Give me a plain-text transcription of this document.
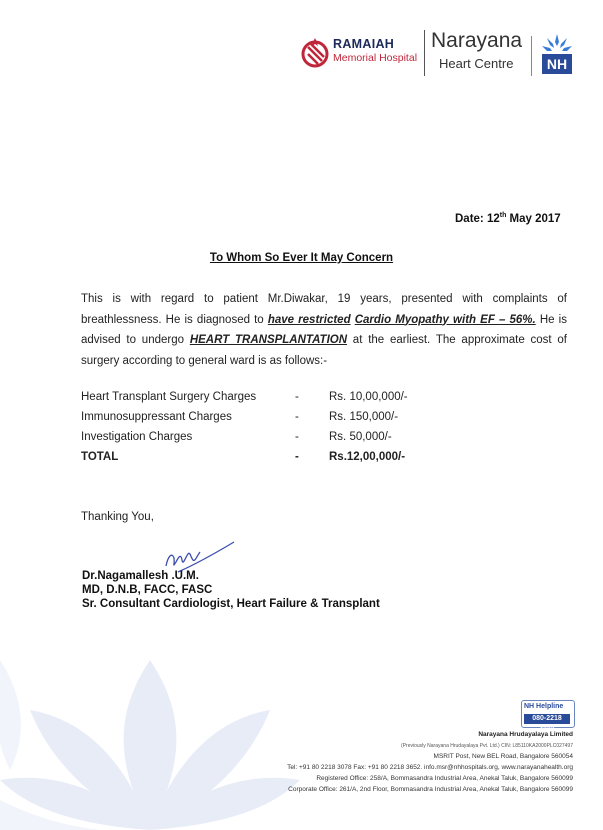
RAMAIAH
Memorial Hospital
Narayana
Heart Centre NH
Date: 12th May 2017
To Whom So Ever It May Concern
This is with regard to patient Mr.Diwakar, 19 years, presented with complaints of breathlessness. He is diagnosed to have restricted Cardio Myopathy with EF – 56%. He is advised to undergo HEART TRANSPLANTATION at the earliest. The approximate cost of surgery according to general ward is as follows:-
Heart Transplant Surgery Charges	-	Rs. 10,00,000/-
Immunosuppressant Charges	-	Rs. 150,000/-
Investigation Charges	-	Rs. 50,000/-
TOTAL	-	Rs.12,00,000/-
Thanking You,
Dr.Nagamallesh .U.M.
MD, D.N.B, FACC, FASC
Sr. Consultant Cardiologist, Heart Failure & Transplant
NH Helpline
080-2218 3444
Narayana Hrudayalaya Limited
(Previously Narayana Hrudayalaya Pvt. Ltd.) CIN: L85110KA2000PLC027497
MSRIT Post, New BEL Road, Bangalore 560054
Tel: +91 80 2218 3078 Fax: +91 80 2218 3652. info.msr@nhhospitals.org, www.narayanahealth.org
Registered Office: 258/A, Bommasandra Industrial Area, Anekal Taluk, Bangalore 560099
Corporate Office: 261/A, 2nd Floor, Bommasandra Industrial Area, Anekal Taluk, Bangalore 560099
